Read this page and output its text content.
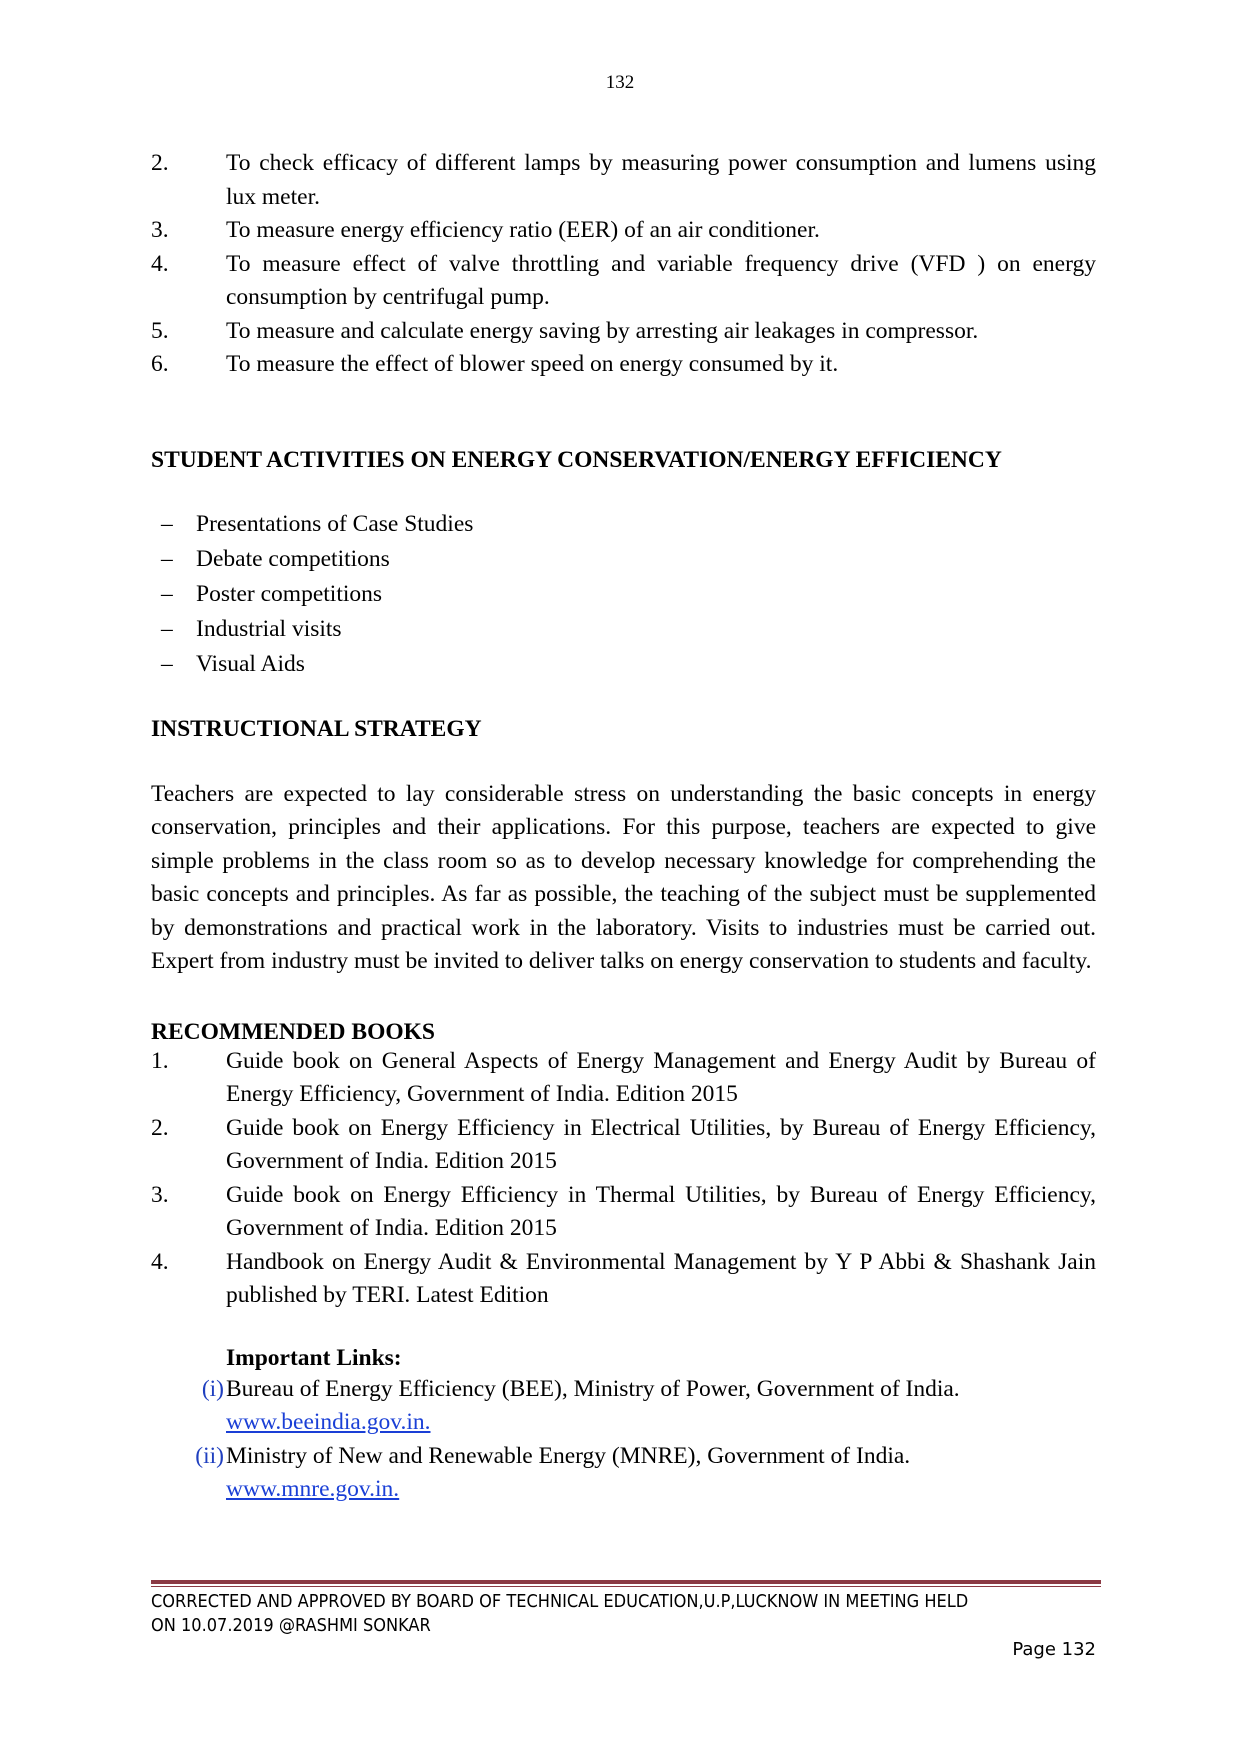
132
2.	To check efficacy of different lamps by measuring power consumption and lumens using lux meter.
3.	To measure energy efficiency ratio (EER) of an air conditioner.
4.	To measure effect of valve throttling and variable frequency drive (VFD ) on energy consumption by centrifugal pump.
5.	To measure and calculate energy saving by arresting air leakages in compressor.
6.	To measure the effect of blower speed on energy consumed by it.
STUDENT ACTIVITIES ON ENERGY CONSERVATION/ENERGY EFFICIENCY
– Presentations of Case Studies
– Debate competitions
– Poster competitions
– Industrial visits
– Visual Aids
INSTRUCTIONAL STRATEGY

Teachers are expected to lay considerable stress on understanding the basic concepts in energy conservation, principles and their applications. For this purpose, teachers are expected to give simple problems in the class room so as to develop necessary knowledge for comprehending the basic concepts and principles. As far as possible, the teaching of the subject must be supplemented by demonstrations and practical work in the laboratory. Visits to industries must be carried out. Expert from industry must be invited to deliver talks on energy conservation to students and faculty.

RECOMMENDED BOOKS
1.	Guide book on General Aspects of Energy Management and Energy Audit by Bureau of Energy Efficiency, Government of India. Edition 2015
2.	Guide book on Energy Efficiency in Electrical Utilities, by Bureau of Energy Efficiency, Government of India. Edition 2015
3.	Guide book on Energy Efficiency in Thermal Utilities, by Bureau of Energy Efficiency, Government of India. Edition 2015
4.	Handbook on Energy Audit & Environmental Management by Y P Abbi & Shashank Jain published by TERI. Latest Edition
Important Links:
(i) Bureau of Energy Efficiency (BEE), Ministry of Power, Government of India.
www.beeindia.gov.in.
(ii) Ministry of New and Renewable Energy (MNRE), Government of India.
www.mnre.gov.in.
CORRECTED AND APPROVED BY BOARD OF TECHNICAL EDUCATION,U.P,LUCKNOW IN MEETING HELD
ON 10.07.2019 @RASHMI SONKAR
Page 132
